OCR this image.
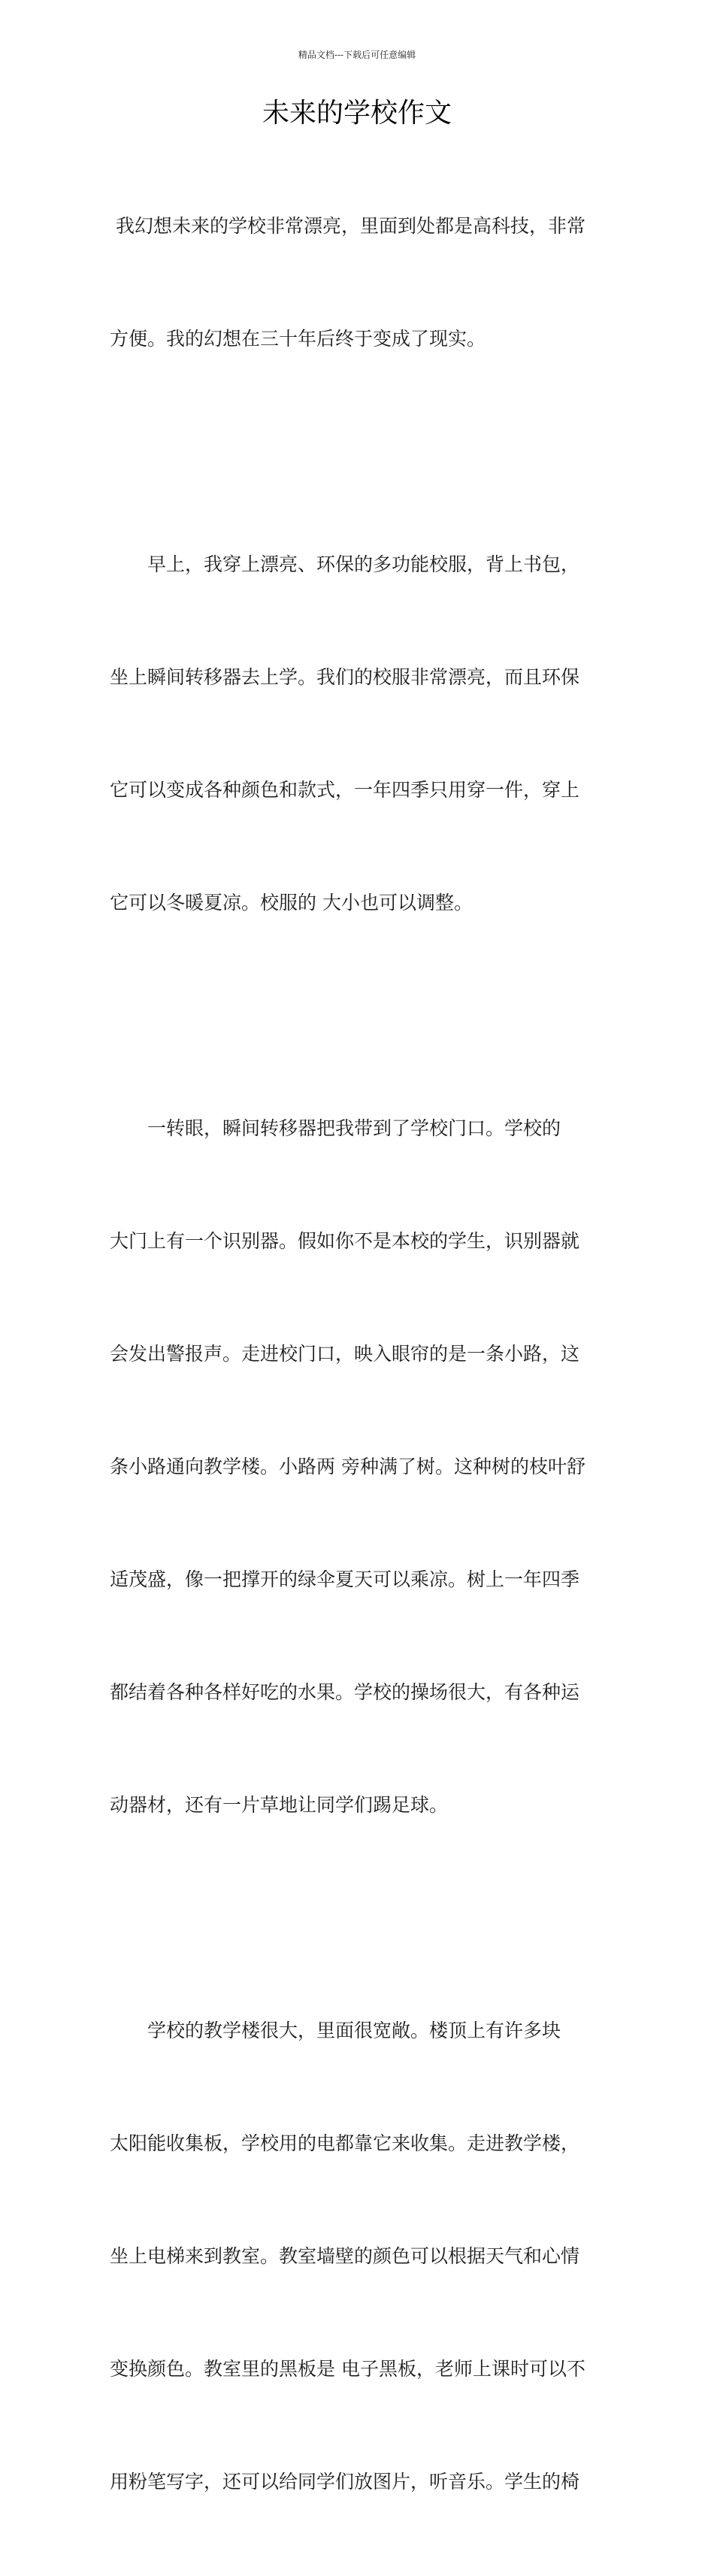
精品文档---下载后可任意编辑
未来的学校作文

我幻想未来的学校非常漂亮，里面到处都是高科技，非常

方便。我的幻想在三十年后终于变成了现实。

　　早上，我穿上漂亮、环保的多功能校服，背上书包，

坐上瞬间转移器去上学。我们的校服非常漂亮，而且环保

它可以变成各种颜色和款式，一年四季只用穿一件，穿上

它可以冬暖夏凉。校服的 大小也可以调整。

　　一转眼，瞬间转移器把我带到了学校门口。学校的

大门上有一个识别器。假如你不是本校的学生，识别器就

会发出警报声。走进校门口，映入眼帘的是一条小路，这

条小路通向教学楼。小路两 旁种满了树。这种树的枝叶舒

适茂盛，像一把撑开的绿伞夏天可以乘凉。树上一年四季

都结着各种各样好吃的水果。学校的操场很大，有各种运

动器材，还有一片草地让同学们踢足球。

　　学校的教学楼很大，里面很宽敞。楼顶上有许多块

太阳能收集板，学校用的电都靠它来收集。走进教学楼，

坐上电梯来到教室。教室墙壁的颜色可以根据天气和心情

变换颜色。教室里的黑板是 电子黑板，老师上课时可以不

用粉笔写字，还可以给同学们放图片，听音乐。学生的椅
